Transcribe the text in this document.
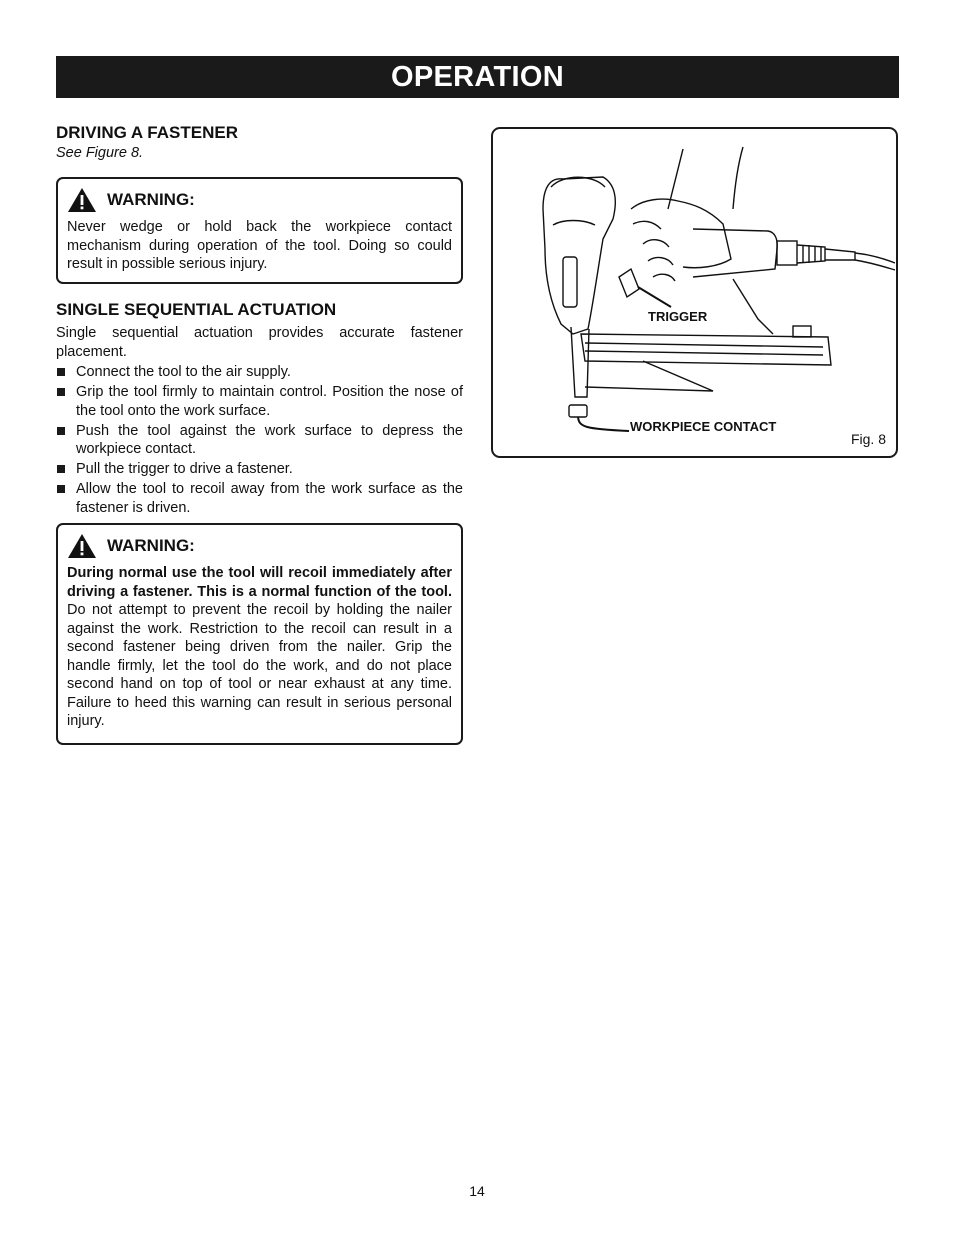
OPERATION

DRIVING A FASTENER

See Figure 8.

WARNING:

Never wedge or hold back the workpiece contact mechanism during operation of the tool. Doing so could result in possible serious injury.

SINGLE SEQUENTIAL ACTUATION

Single sequential actuation provides accurate fastener placement.

Connect the tool to the air supply.
Grip the tool firmly to maintain control. Position the nose of the tool onto the work surface.
Push the tool against the work surface to depress the workpiece contact.
Pull the trigger to drive a fastener.
Allow the tool to recoil away from the work surface as the fastener is driven.
WARNING:

During normal use the tool will recoil immediately after driving a fastener. This is a normal function of the tool. Do not attempt to prevent the recoil by holding the nailer against the work. Restriction to the recoil can result in a second fastener being driven from the nailer. Grip the handle firmly, let the tool do the work, and do not place second hand on top of tool or near exhaust at any time. Failure to heed this warning can result in serious personal injury.

TRIGGER
WORKPIECE CONTACT
Fig. 8
14
